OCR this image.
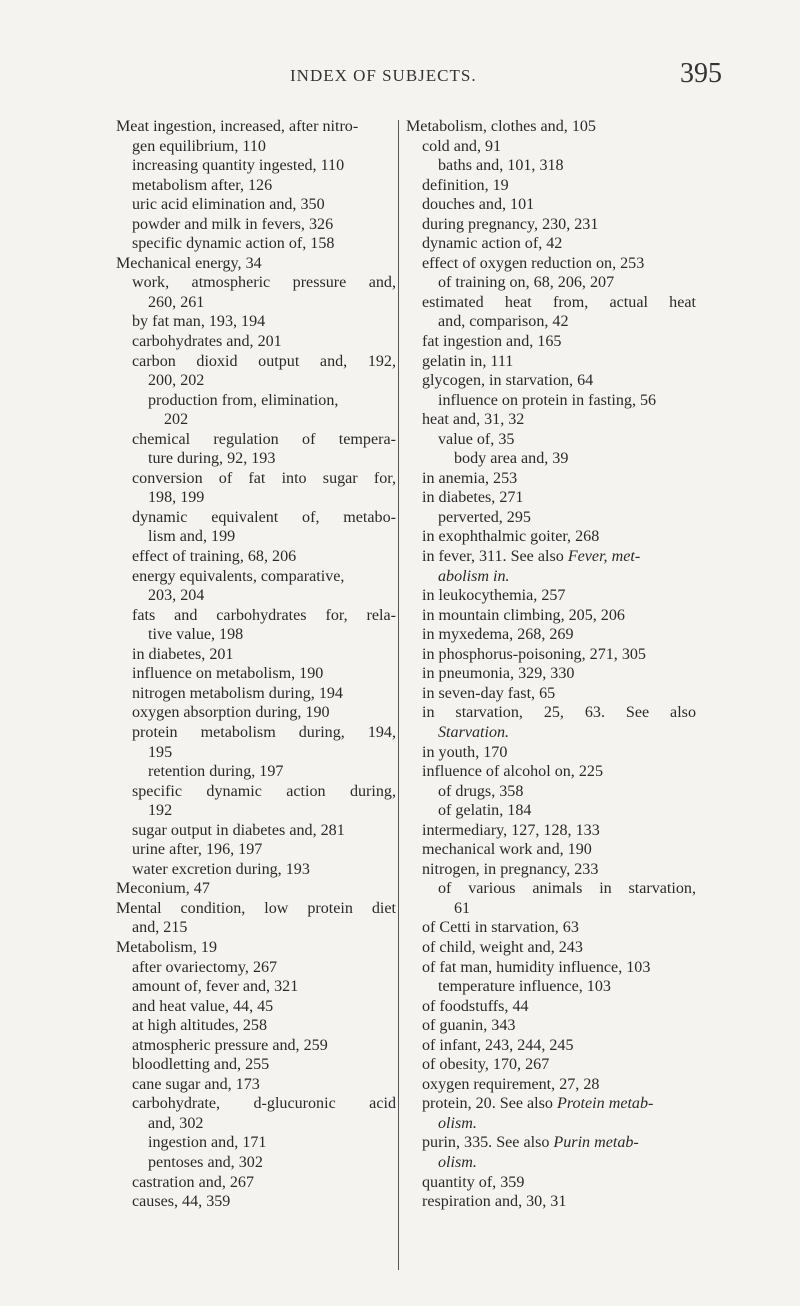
INDEX OF SUBJECTS.	395
Meat ingestion, increased, after nitro-
gen equilibrium, 110
increasing quantity ingested, 110
metabolism after, 126
uric acid elimination and, 350
powder and milk in fevers, 326
specific dynamic action of, 158
Mechanical energy, 34
work, atmospheric pressure and,
260, 261
by fat man, 193, 194
carbohydrates and, 201
carbon dioxid output and, 192,
200, 202
production from, elimination,
202
chemical regulation of tempera-
ture during, 92, 193
conversion of fat into sugar for,
198, 199
dynamic equivalent of, metabo-
lism and, 199
effect of training, 68, 206
energy equivalents, comparative,
203, 204
fats and carbohydrates for, rela-
tive value, 198
in diabetes, 201
influence on metabolism, 190
nitrogen metabolism during, 194
oxygen absorption during, 190
protein metabolism during, 194,
195
retention during, 197
specific dynamic action during,
192
sugar output in diabetes and, 281
urine after, 196, 197
water excretion during, 193
Meconium, 47
Mental condition, low protein diet
and, 215
Metabolism, 19
after ovariectomy, 267
amount of, fever and, 321
and heat value, 44, 45
at high altitudes, 258
atmospheric pressure and, 259
bloodletting and, 255
cane sugar and, 173
carbohydrate, d-glucuronic acid
and, 302
ingestion and, 171
pentoses and, 302
castration and, 267
causes, 44, 359
Metabolism, clothes and, 105
cold and, 91
baths and, 101, 318
definition, 19
douches and, 101
during pregnancy, 230, 231
dynamic action of, 42
effect of oxygen reduction on, 253
of training on, 68, 206, 207
estimated heat from, actual heat
and, comparison, 42
fat ingestion and, 165
gelatin in, 111
glycogen, in starvation, 64
influence on protein in fasting, 56
heat and, 31, 32
value of, 35
body area and, 39
in anemia, 253
in diabetes, 271
perverted, 295
in exophthalmic goiter, 268
in fever, 311. See also Fever, met-
abolism in.
in leukocythemia, 257
in mountain climbing, 205, 206
in myxedema, 268, 269
in phosphorus-poisoning, 271, 305
in pneumonia, 329, 330
in seven-day fast, 65
in starvation, 25, 63. See also
Starvation.
in youth, 170
influence of alcohol on, 225
of drugs, 358
of gelatin, 184
intermediary, 127, 128, 133
mechanical work and, 190
nitrogen, in pregnancy, 233
of various animals in starvation,
61
of Cetti in starvation, 63
of child, weight and, 243
of fat man, humidity influence, 103
temperature influence, 103
of foodstuffs, 44
of guanin, 343
of infant, 243, 244, 245
of obesity, 170, 267
oxygen requirement, 27, 28
protein, 20. See also Protein metab-
olism.
purin, 335. See also Purin metab-
olism.
quantity of, 359
respiration and, 30, 31
